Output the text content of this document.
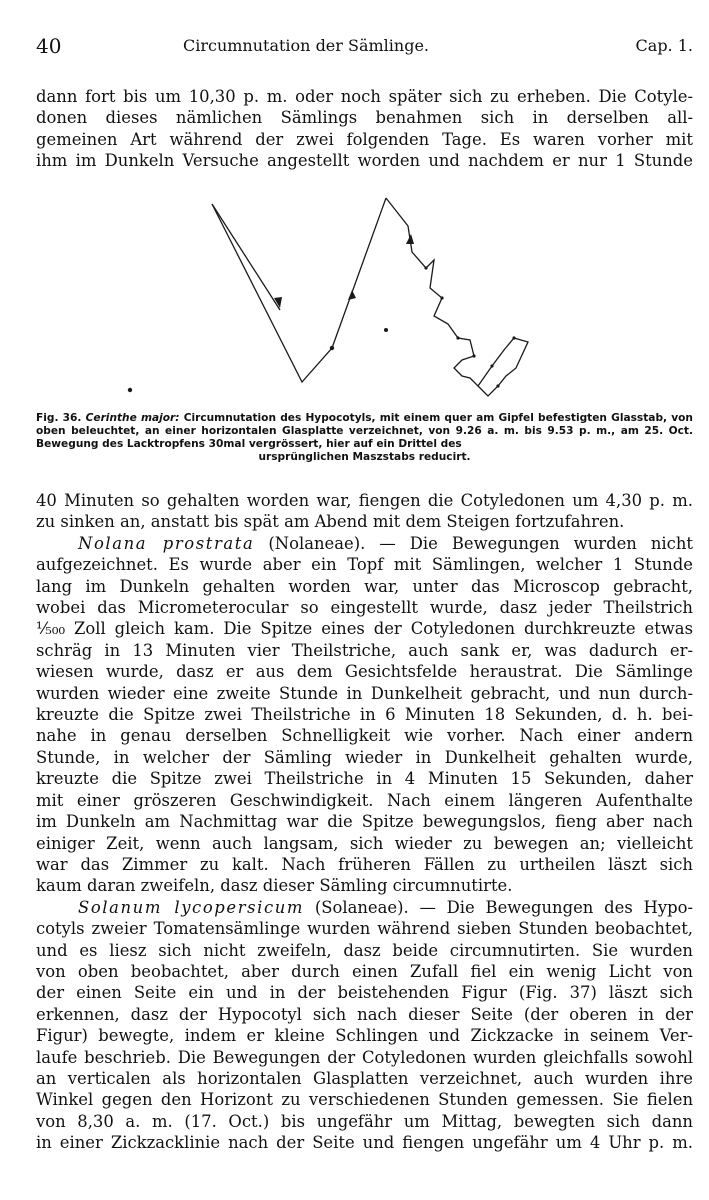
40	Circumnutation der Sämlinge.	Cap. 1.

dann fort bis um 10,30 p. m. oder noch später sich zu erheben. Die Cotyle-

donen dieses nämlichen Sämlings benahmen sich in derselben all-

gemeinen Art während der zwei folgenden Tage. Es waren vorher mit

ihm im Dunkeln Versuche angestellt worden und nachdem er nur 1 Stunde

Fig. 36. Cerinthe major: Circumnutation des Hypocotyls, mit einem quer am Gipfel befestigten Glasstab, von oben beleuchtet, an einer horizontalen Glasplatte verzeichnet, von 9.26 a. m. bis 9.53 p. m., am 25. Oct. Bewegung des Lacktropfens 30mal vergrössert, hier auf ein Drittel des
ursprünglichen Maszstabs reducirt.

40 Minuten so gehalten worden war, fiengen die Cotyledonen um 4,30 p. m.

zu sinken an, anstatt bis spät am Abend mit dem Steigen fortzufahren.

Nolana prostrata (Nolaneae). — Die Bewegungen wurden nicht

aufgezeichnet. Es wurde aber ein Topf mit Sämlingen, welcher 1 Stunde

lang im Dunkeln gehalten worden war, unter das Microscop gebracht,

wobei das Micrometerocular so eingestellt wurde, dasz jeder Theilstrich

¹⁄₅₀₀ Zoll gleich kam. Die Spitze eines der Cotyledonen durchkreuzte etwas

schräg in 13 Minuten vier Theilstriche, auch sank er, was dadurch er-

wiesen wurde, dasz er aus dem Gesichtsfelde heraustrat. Die Sämlinge

wurden wieder eine zweite Stunde in Dunkelheit gebracht, und nun durch-

kreuzte die Spitze zwei Theilstriche in 6 Minuten 18 Sekunden, d. h. bei-

nahe in genau derselben Schnelligkeit wie vorher. Nach einer andern

Stunde, in welcher der Sämling wieder in Dunkelheit gehalten wurde,

kreuzte die Spitze zwei Theilstriche in 4 Minuten 15 Sekunden, daher

mit einer gröszeren Geschwindigkeit. Nach einem längeren Aufenthalte

im Dunkeln am Nachmittag war die Spitze bewegungslos, fieng aber nach

einiger Zeit, wenn auch langsam, sich wieder zu bewegen an; vielleicht

war das Zimmer zu kalt. Nach früheren Fällen zu urtheilen läszt sich

kaum daran zweifeln, dasz dieser Sämling circumnutirte.

Solanum lycopersicum (Solaneae). — Die Bewegungen des Hypo-

cotyls zweier Tomatensämlinge wurden während sieben Stunden beobachtet,

und es liesz sich nicht zweifeln, dasz beide circumnutirten. Sie wurden

von oben beobachtet, aber durch einen Zufall fiel ein wenig Licht von

der einen Seite ein und in der beistehenden Figur (Fig. 37) läszt sich

erkennen, dasz der Hypocotyl sich nach dieser Seite (der oberen in der

Figur) bewegte, indem er kleine Schlingen und Zickzacke in seinem Ver-

laufe beschrieb. Die Bewegungen der Cotyledonen wurden gleichfalls sowohl

an verticalen als horizontalen Glasplatten verzeichnet, auch wurden ihre

Winkel gegen den Horizont zu verschiedenen Stunden gemessen. Sie fielen

von 8,30 a. m. (17. Oct.) bis ungefähr um Mittag, bewegten sich dann

in einer Zickzacklinie nach der Seite und fiengen ungefähr um 4 Uhr p. m.
